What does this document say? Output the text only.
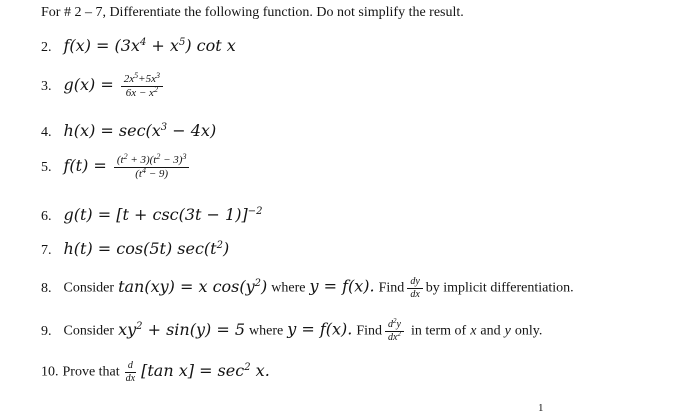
For # 2 – 7, Differentiate the following function. Do not simplify the result.
2. $f(x) = (3x^4 + x^5)$ cot x
3. $g(x) = \frac{2x^5+5x^3}{6x - x^2}$
4. $h(x) = \sec(x^3 - 4x)$
5. $f(t) = \frac{(t^2 + 3)(t^2 - 3)^3}{(t^4 - 9)}$
6. $g(t) = [t + \csc(3t - 1)]^{-2}$
7. h(t) = cos(5t) $\sec(t^2)$
8. Consider tan(xy) = x $\cos(y^2)$ where y = f(x). Find $\frac{dy}{dx}$ by implicit differentiation.
9. Consider $xy^2 + \sin(y) = 5$ where y = f(x). Find $\frac{d^2y}{dx^2}$ in term of x and y only.
10. Prove that $\frac{d}{dx} [\tan$ $x] = \sec^2 x$.
1
